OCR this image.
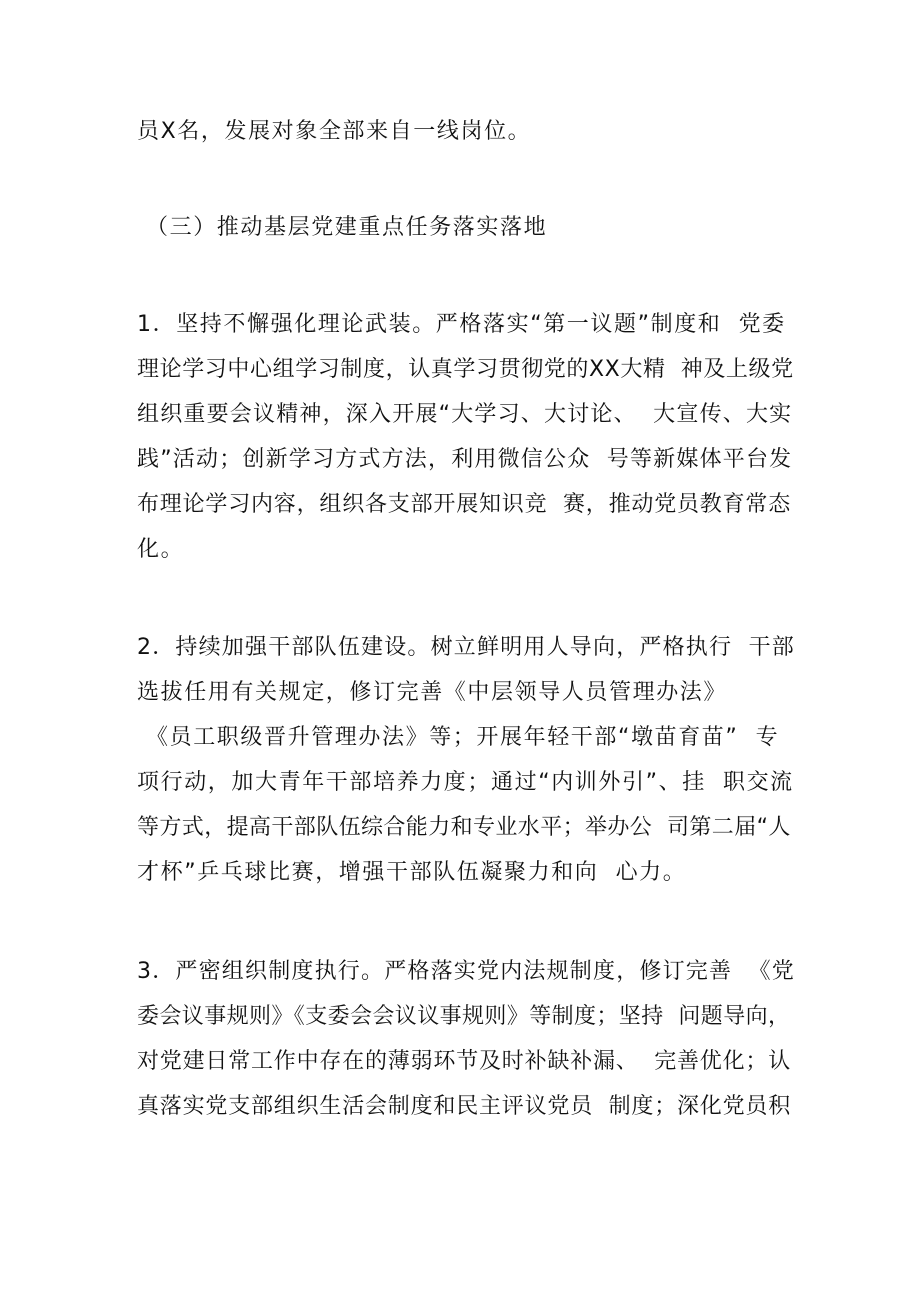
员X名，发展对象全部来自一线岗位。
（三）推动基层党建重点任务落实落地
1．坚持不懈强化理论武装。严格落实“第一议题”制度和  党委
理论学习中心组学习制度，认真学习贯彻党的XX大精  神及上级党
组织重要会议精神，深入开展“大学习、大讨论、  大宣传、大实
践”活动；创新学习方式方法，利用微信公众  号等新媒体平台发
布理论学习内容，组织各支部开展知识竞  赛，推动党员教育常态
化。
2．持续加强干部队伍建设。树立鲜明用人导向，严格执行  干部
选拔任用有关规定，修订完善《中层领导人员管理办法》
《员工职级晋升管理办法》等；开展年轻干部“墩苗育苗”  专
项行动，加大青年干部培养力度；通过“内训外引”、挂  职交流
等方式，提高干部队伍综合能力和专业水平；举办公  司第二届“人
才杯”乒乓球比赛，增强干部队伍凝聚力和向  心力。
3．严密组织制度执行。严格落实党内法规制度，修订完善  《党
委会议事规则》《支委会会议议事规则》等制度；坚持  问题导向，
对党建日常工作中存在的薄弱环节及时补缺补漏、  完善优化；认
真落实党支部组织生活会制度和民主评议党员  制度；深化党员积
